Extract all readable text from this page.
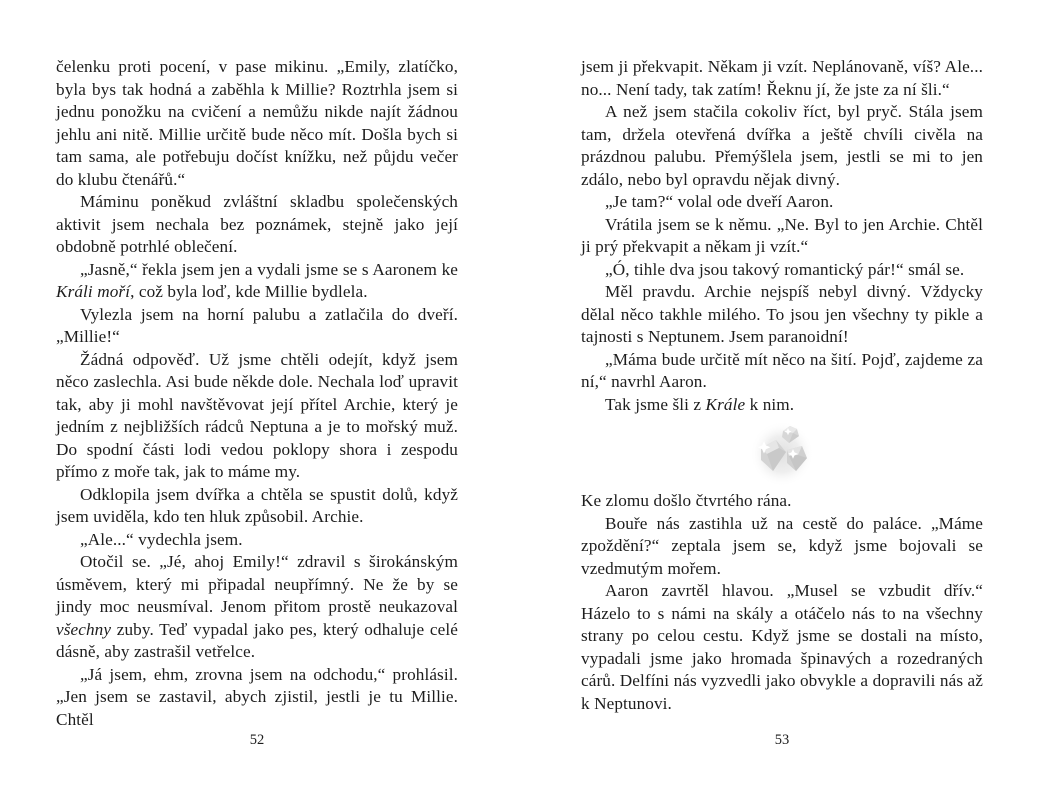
čelenku proti pocení, v pase mikinu. „Emily, zlatíčko, byla bys tak hodná a zaběhla k Millie? Roztrhla jsem si jednu ponožku na cvičení a nemůžu nikde najít žádnou jehlu ani nitě. Millie určitě bude něco mít. Došla bych si tam sama, ale potřebuju dočíst knížku, než půjdu večer do klubu čtenářů.“

Máminu poněkud zvláštní skladbu společenských aktivit jsem nechala bez poznámek, stejně jako její obdobně potrhlé oblečení.

„Jasně,“ řekla jsem jen a vydali jsme se s Aaronem ke Králi moří, což byla loď, kde Millie bydlela.

Vylezla jsem na horní palubu a zatlačila do dveří. „Millie!“

Žádná odpověď. Už jsme chtěli odejít, když jsem něco zaslechla. Asi bude někde dole. Nechala loď upravit tak, aby ji mohl navštěvovat její přítel Archie, který je jedním z nejbližších rádců Neptuna a je to mořský muž. Do spodní části lodi vedou poklopy shora i zespodu přímo z moře tak, jak to máme my.

Odklopila jsem dvířka a chtěla se spustit dolů, když jsem uviděla, kdo ten hluk způsobil. Archie.

„Ale...“ vydechla jsem.

Otočil se. „Jé, ahoj Emily!“ zdravil s širokánským úsměvem, který mi připadal neupřímný. Ne že by se jindy moc neusmíval. Jenom přitom prostě neukazoval všechny zuby. Teď vypadal jako pes, který odhaluje celé dásně, aby zastrašil vetřelce.

„Já jsem, ehm, zrovna jsem na odchodu,“ prohlásil. „Jen jsem se zastavil, abych zjistil, jestli je tu Millie. Chtěl

52

jsem ji překvapit. Někam ji vzít. Neplánovaně, víš? Ale... no... Není tady, tak zatím! Řeknu jí, že jste za ní šli.“

A než jsem stačila cokoliv říct, byl pryč. Stála jsem tam, držela otevřená dvířka a ještě chvíli civěla na prázdnou palubu. Přemýšlela jsem, jestli se mi to jen zdálo, nebo byl opravdu nějak divný.

„Je tam?“ volal ode dveří Aaron.

Vrátila jsem se k němu. „Ne. Byl to jen Archie. Chtěl ji prý překvapit a někam ji vzít.“

„Ó, tihle dva jsou takový romantický pár!“ smál se.

Měl pravdu. Archie nejspíš nebyl divný. Vždycky dělal něco takhle milého. To jsou jen všechny ty pikle a tajnosti s Neptunem. Jsem paranoidní!

„Máma bude určitě mít něco na šití. Pojď, zajdeme za ní,“ navrhl Aaron.

Tak jsme šli z Krále k nim.

Ke zlomu došlo čtvrtého rána.

Bouře nás zastihla už na cestě do paláce. „Máme zpoždění?“ zeptala jsem se, když jsme bojovali se vzedmutým mořem.

Aaron zavrtěl hlavou. „Musel se vzbudit dřív.“ Házelo to s námi na skály a otáčelo nás to na všechny strany po celou cestu. Když jsme se dostali na místo, vypadali jsme jako hromada špinavých a rozedraných cárů. Delfíni nás vyzvedli jako obvykle a dopravili nás až k Neptunovi.

53
